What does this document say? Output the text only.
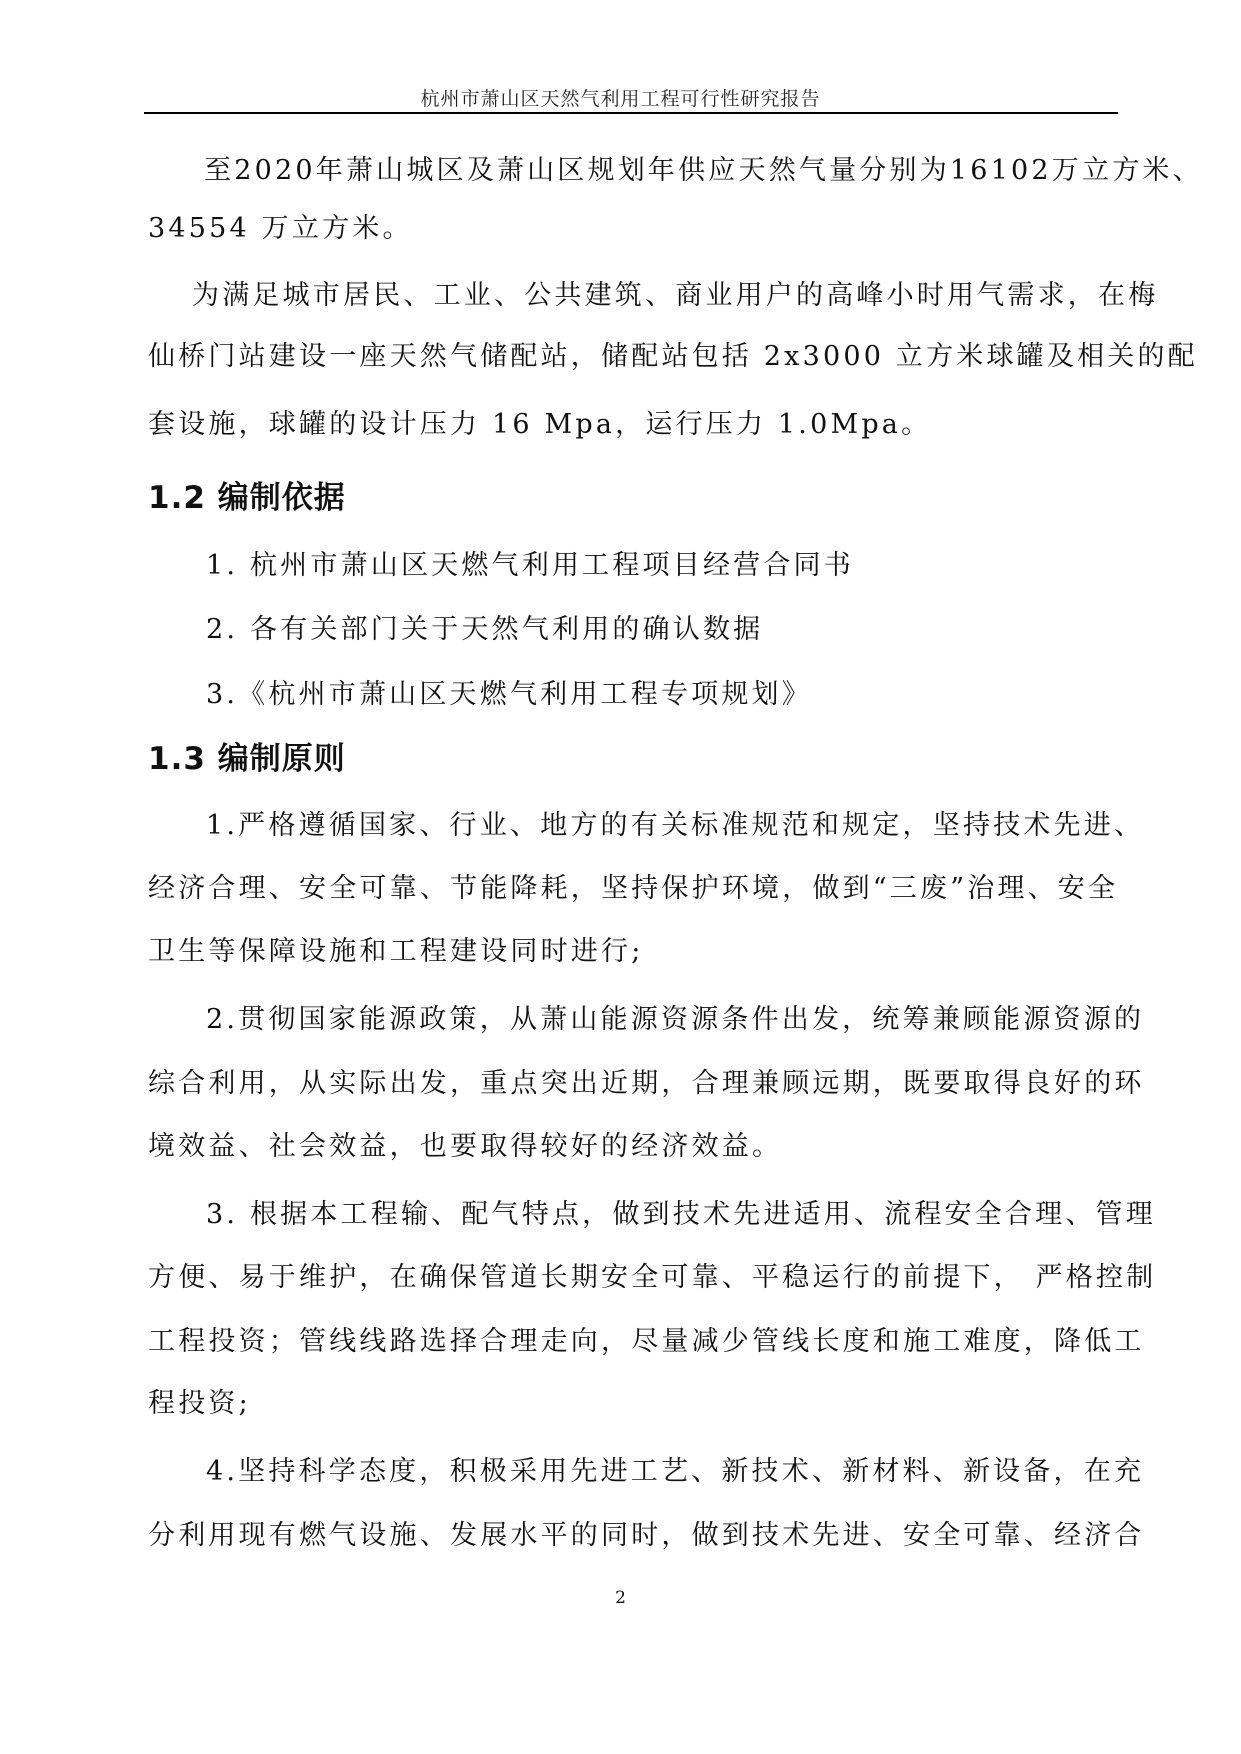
杭州市萧山区天然气利用工程可行性研究报告
至2020年萧山城区及萧山区规划年供应天然气量分别为16102万立方米、
34554 万立方米。
为满足城市居民、工业、公共建筑、商业用户的高峰小时用气需求，在梅
仙桥门站建设一座天然气储配站，储配站包括 2x3000 立方米球罐及相关的配
套设施，球罐的设计压力 16 Mpa，运行压力 1.0Mpa。
1.2 编制依据
1. 杭州市萧山区天燃气利用工程项目经营合同书
2. 各有关部门关于天然气利用的确认数据
3.《杭州市萧山区天燃气利用工程专项规划》
1.3 编制原则
1.严格遵循国家、行业、地方的有关标准规范和规定，坚持技术先进、
经济合理、安全可靠、节能降耗，坚持保护环境，做到“三废”治理、安全
卫生等保障设施和工程建设同时进行;
2.贯彻国家能源政策，从萧山能源资源条件出发，统筹兼顾能源资源的
综合利用，从实际出发，重点突出近期，合理兼顾远期，既要取得良好的环
境效益、社会效益，也要取得较好的经济效益。
3. 根据本工程输、配气特点，做到技术先进适用、流程安全合理、管理
方便、易于维护，在确保管道长期安全可靠、平稳运行的前提下， 严格控制
工程投资；管线线路选择合理走向，尽量减少管线长度和施工难度，降低工
程投资;
4.坚持科学态度，积极采用先进工艺、新技术、新材料、新设备，在充
分利用现有燃气设施、发展水平的同时，做到技术先进、安全可靠、经济合
2
